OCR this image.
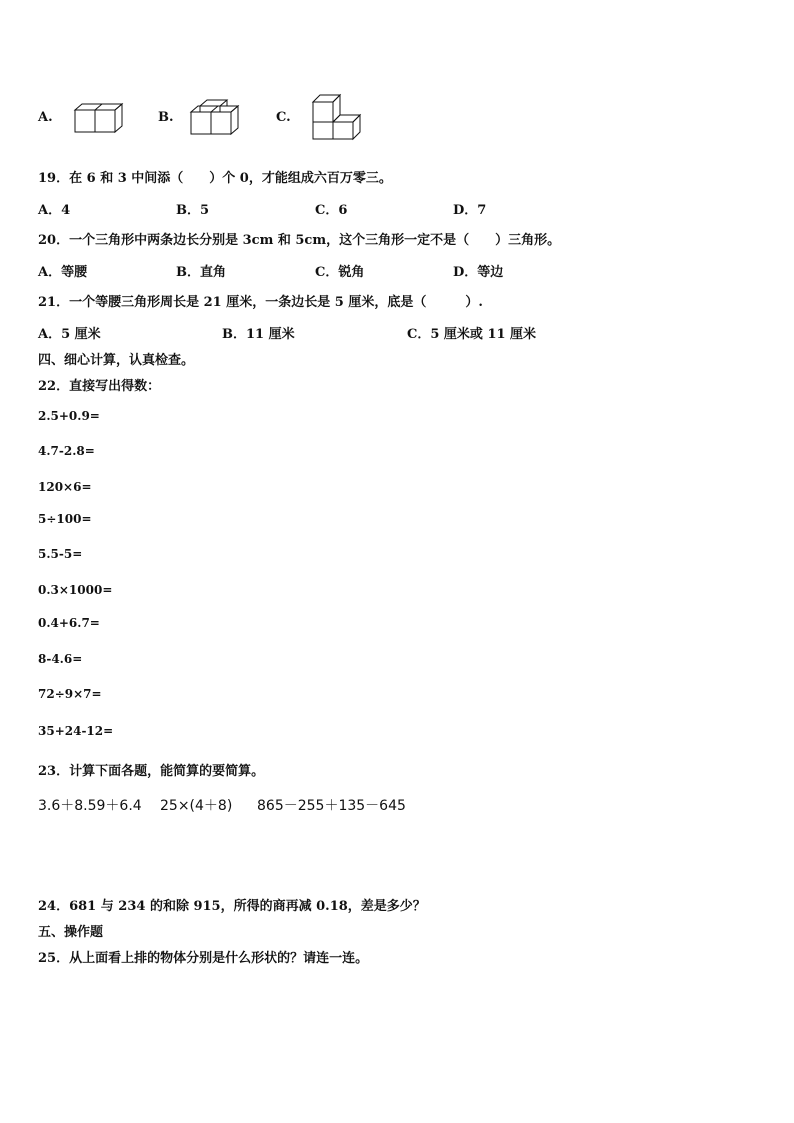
A.	B.	C.
19．在 6 和 3 中间添（　　）个 0，才能组成六百万零三。
A．4	B．5	C．6	D．7
20．一个三角形中两条边长分别是 3cm 和 5cm，这个三角形一定不是（　　）三角形。
A．等腰	B．直角	C．锐角	D．等边
21．一个等腰三角形周长是 21 厘米，一条边长是 5 厘米，底是（　　　）.
A．5 厘米	B．11 厘米	C．5 厘米或 11 厘米
四、细心计算，认真检查。
22．直接写出得数：
2.5+0.9=
4.7-2.8=
120×6=
5÷100=
5.5-5=
0.3×1000=
0.4+6.7=
8-4.6=
72÷9×7=
35+24-12=
23．计算下面各题，能简算的要简算。
3.6＋8.59＋6.4 25×(4＋8) 865－255＋135－645
24．681 与 234 的和除 915，所得的商再减 0.18，差是多少？
五、操作题
25．从上面看上排的物体分别是什么形状的？请连一连。
